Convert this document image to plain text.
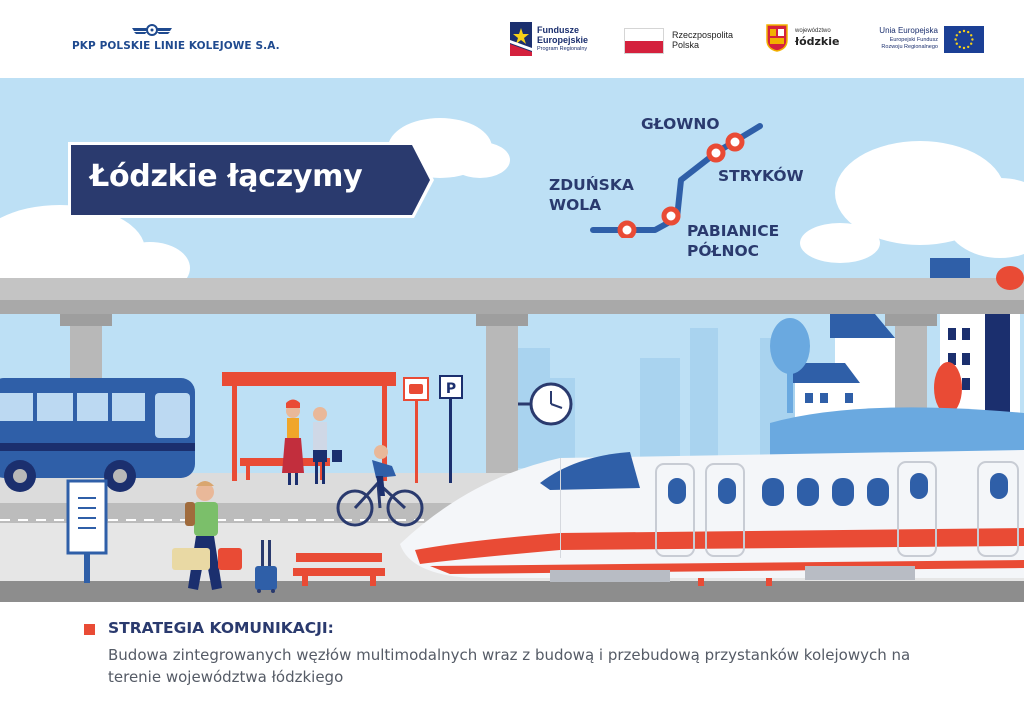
PKP POLSKIE LINIE KOLEJOWE S.A.
Fundusze
Europejskie
Program Regionalny
Rzeczpospolita
Polska
województwo
łódzkie
Unia Europejska
Europejski Fundusz
Rozwoju Regionalnego
P
Łódzkie łączymy
GŁOWNO
STRYKÓW
ZDUŃSKA
WOLA
PABIANICE
PÓŁNOC
STRATEGIA KOMUNIKACJI:
Budowa zintegrowanych węzłów multimodalnych wraz z budową i przebudową przystanków kolejowych na terenie województwa łódzkiego
